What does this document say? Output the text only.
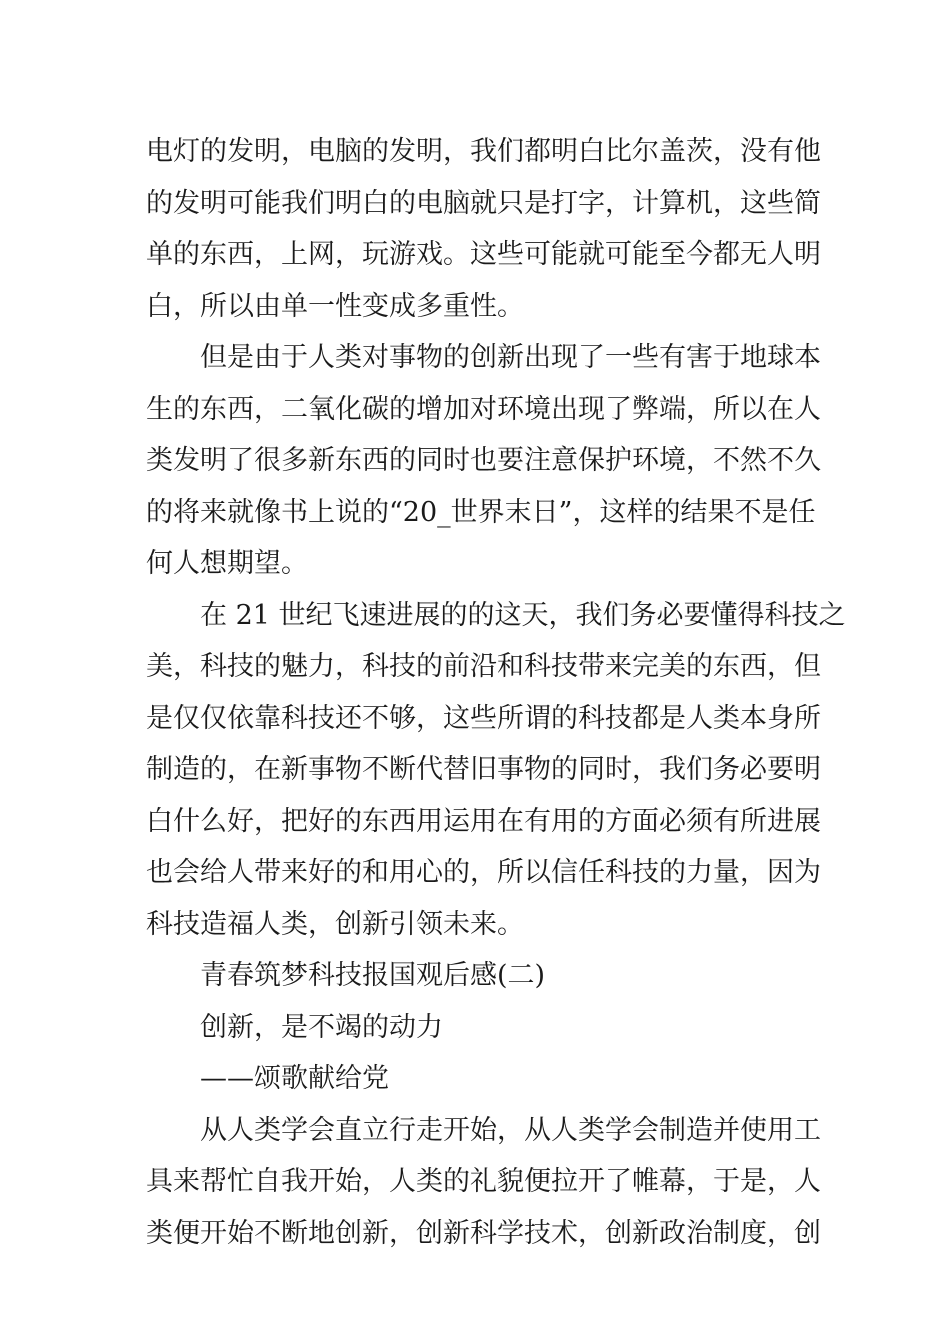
电灯的发明，电脑的发明，我们都明白比尔盖茨，没有他
的发明可能我们明白的电脑就只是打字，计算机，这些简
单的东西，上网，玩游戏。这些可能就可能至今都无人明
白，所以由单一性变成多重性。
但是由于人类对事物的创新出现了一些有害于地球本
生的东西，二氧化碳的增加对环境出现了弊端，所以在人
类发明了很多新东西的同时也要注意保护环境，不然不久
的将来就像书上说的“20_世界末日”，这样的结果不是任
何人想期望。
在 21 世纪飞速进展的的这天，我们务必要懂得科技之
美，科技的魅力，科技的前沿和科技带来完美的东西，但
是仅仅依靠科技还不够，这些所谓的科技都是人类本身所
制造的，在新事物不断代替旧事物的同时，我们务必要明
白什么好，把好的东西用运用在有用的方面必须有所进展
也会给人带来好的和用心的，所以信任科技的力量，因为
科技造福人类，创新引领未来。
青春筑梦科技报国观后感(二)
创新，是不竭的动力
——颂歌献给党
从人类学会直立行走开始，从人类学会制造并使用工
具来帮忙自我开始，人类的礼貌便拉开了帷幕，于是，人
类便开始不断地创新，创新科学技术，创新政治制度，创
